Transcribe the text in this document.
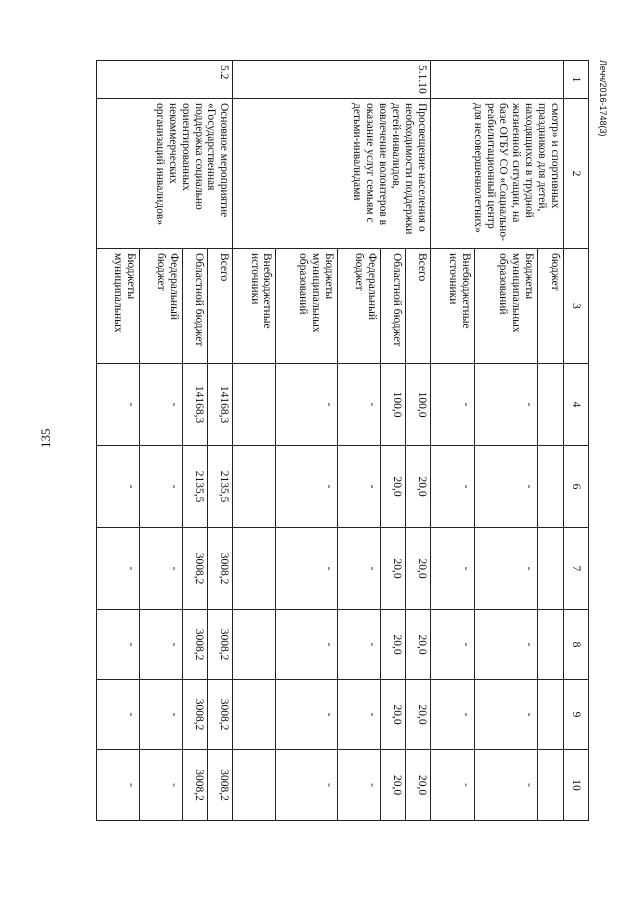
135
Лечч/2016-1748(3)
1	2	3	4	6	7	8	9	10
	смотр» и спортивных праздников для детей, находящихся в трудной жизненной ситуации, на базе ОГБУ СО «Социально-реабилитационный центр для несовершеннолетних»	бюджет						
		Бюджеты муниципальных образований	-	-	-	-	-	-
		Внебюджетные источники	-	-	-	-	-	-
5.1.10	Просвещение населения о необходимости поддержки детей-инвалидов, вовлечение волонтеров в оказание услуг семьям с детьми-инвалидами	Всего	100,0	20,0	20,0	20,0	20,0	20,0
		Областной бюджет	100,0	20,0	20,0	20,0	20,0	20,0
		Федеральный бюджет	-	-	-	-	-	-
		Бюджеты муниципальных образований	-	-	-	-	-	-
		Внебюджетные источники						
5.2	Основное мероприятие «Государственная поддержка социально ориентированных некоммерческих организаций инвалидов»	Всего	14168,3	2135,5	3008,2	3008,2	3008,2	3008,2
		Областной бюджет	14168,3	2135,5	3008,2	3008,2	3008,2	3008,2
		Федеральный бюджет	-	-	-	-	-	-
		Бюджеты муниципальных	-	-	-	-	-	-
